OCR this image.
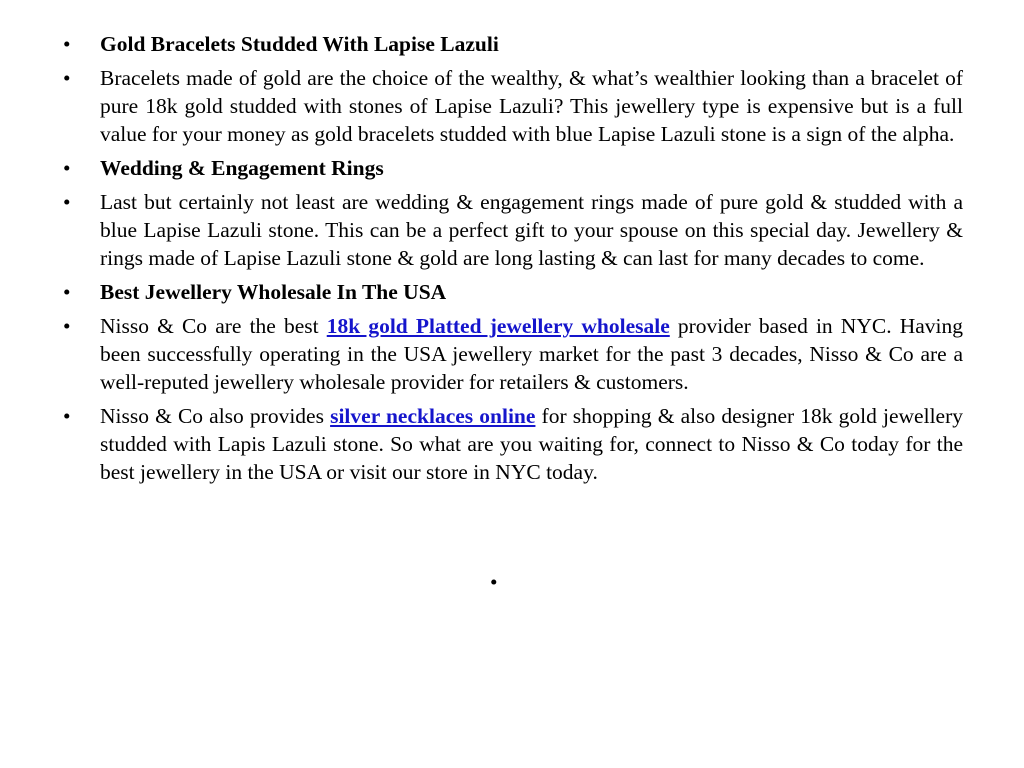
•	Gold Bracelets Studded With Lapise Lazuli
•	Bracelets made of gold are the choice of the wealthy, & what’s wealthier looking than a bracelet of pure 18k gold studded with stones of Lapise Lazuli? This jewellery type is expensive but is a full value for your money as gold bracelets studded with blue Lapise Lazuli stone is a sign of the alpha.
•	Wedding & Engagement Rings
•	Last but certainly not least are wedding & engagement rings made of pure gold & studded with a blue Lapise Lazuli stone. This can be a perfect gift to your spouse on this special day. Jewellery & rings made of Lapise Lazuli stone & gold are long lasting & can last for many decades to come.
•	Best Jewellery Wholesale In The USA
•	Nisso & Co are the best 18k gold Platted jewellery wholesale provider based in NYC. Having been successfully operating in the USA jewellery market for the past 3 decades, Nisso & Co are a well-reputed jewellery wholesale provider for retailers & customers.
•	Nisso & Co also provides silver necklaces online for shopping & also designer 18k gold jewellery studded with Lapis Lazuli stone. So what are you waiting for, connect to Nisso & Co today for the best jewellery in the USA or visit our store in NYC today.
•
